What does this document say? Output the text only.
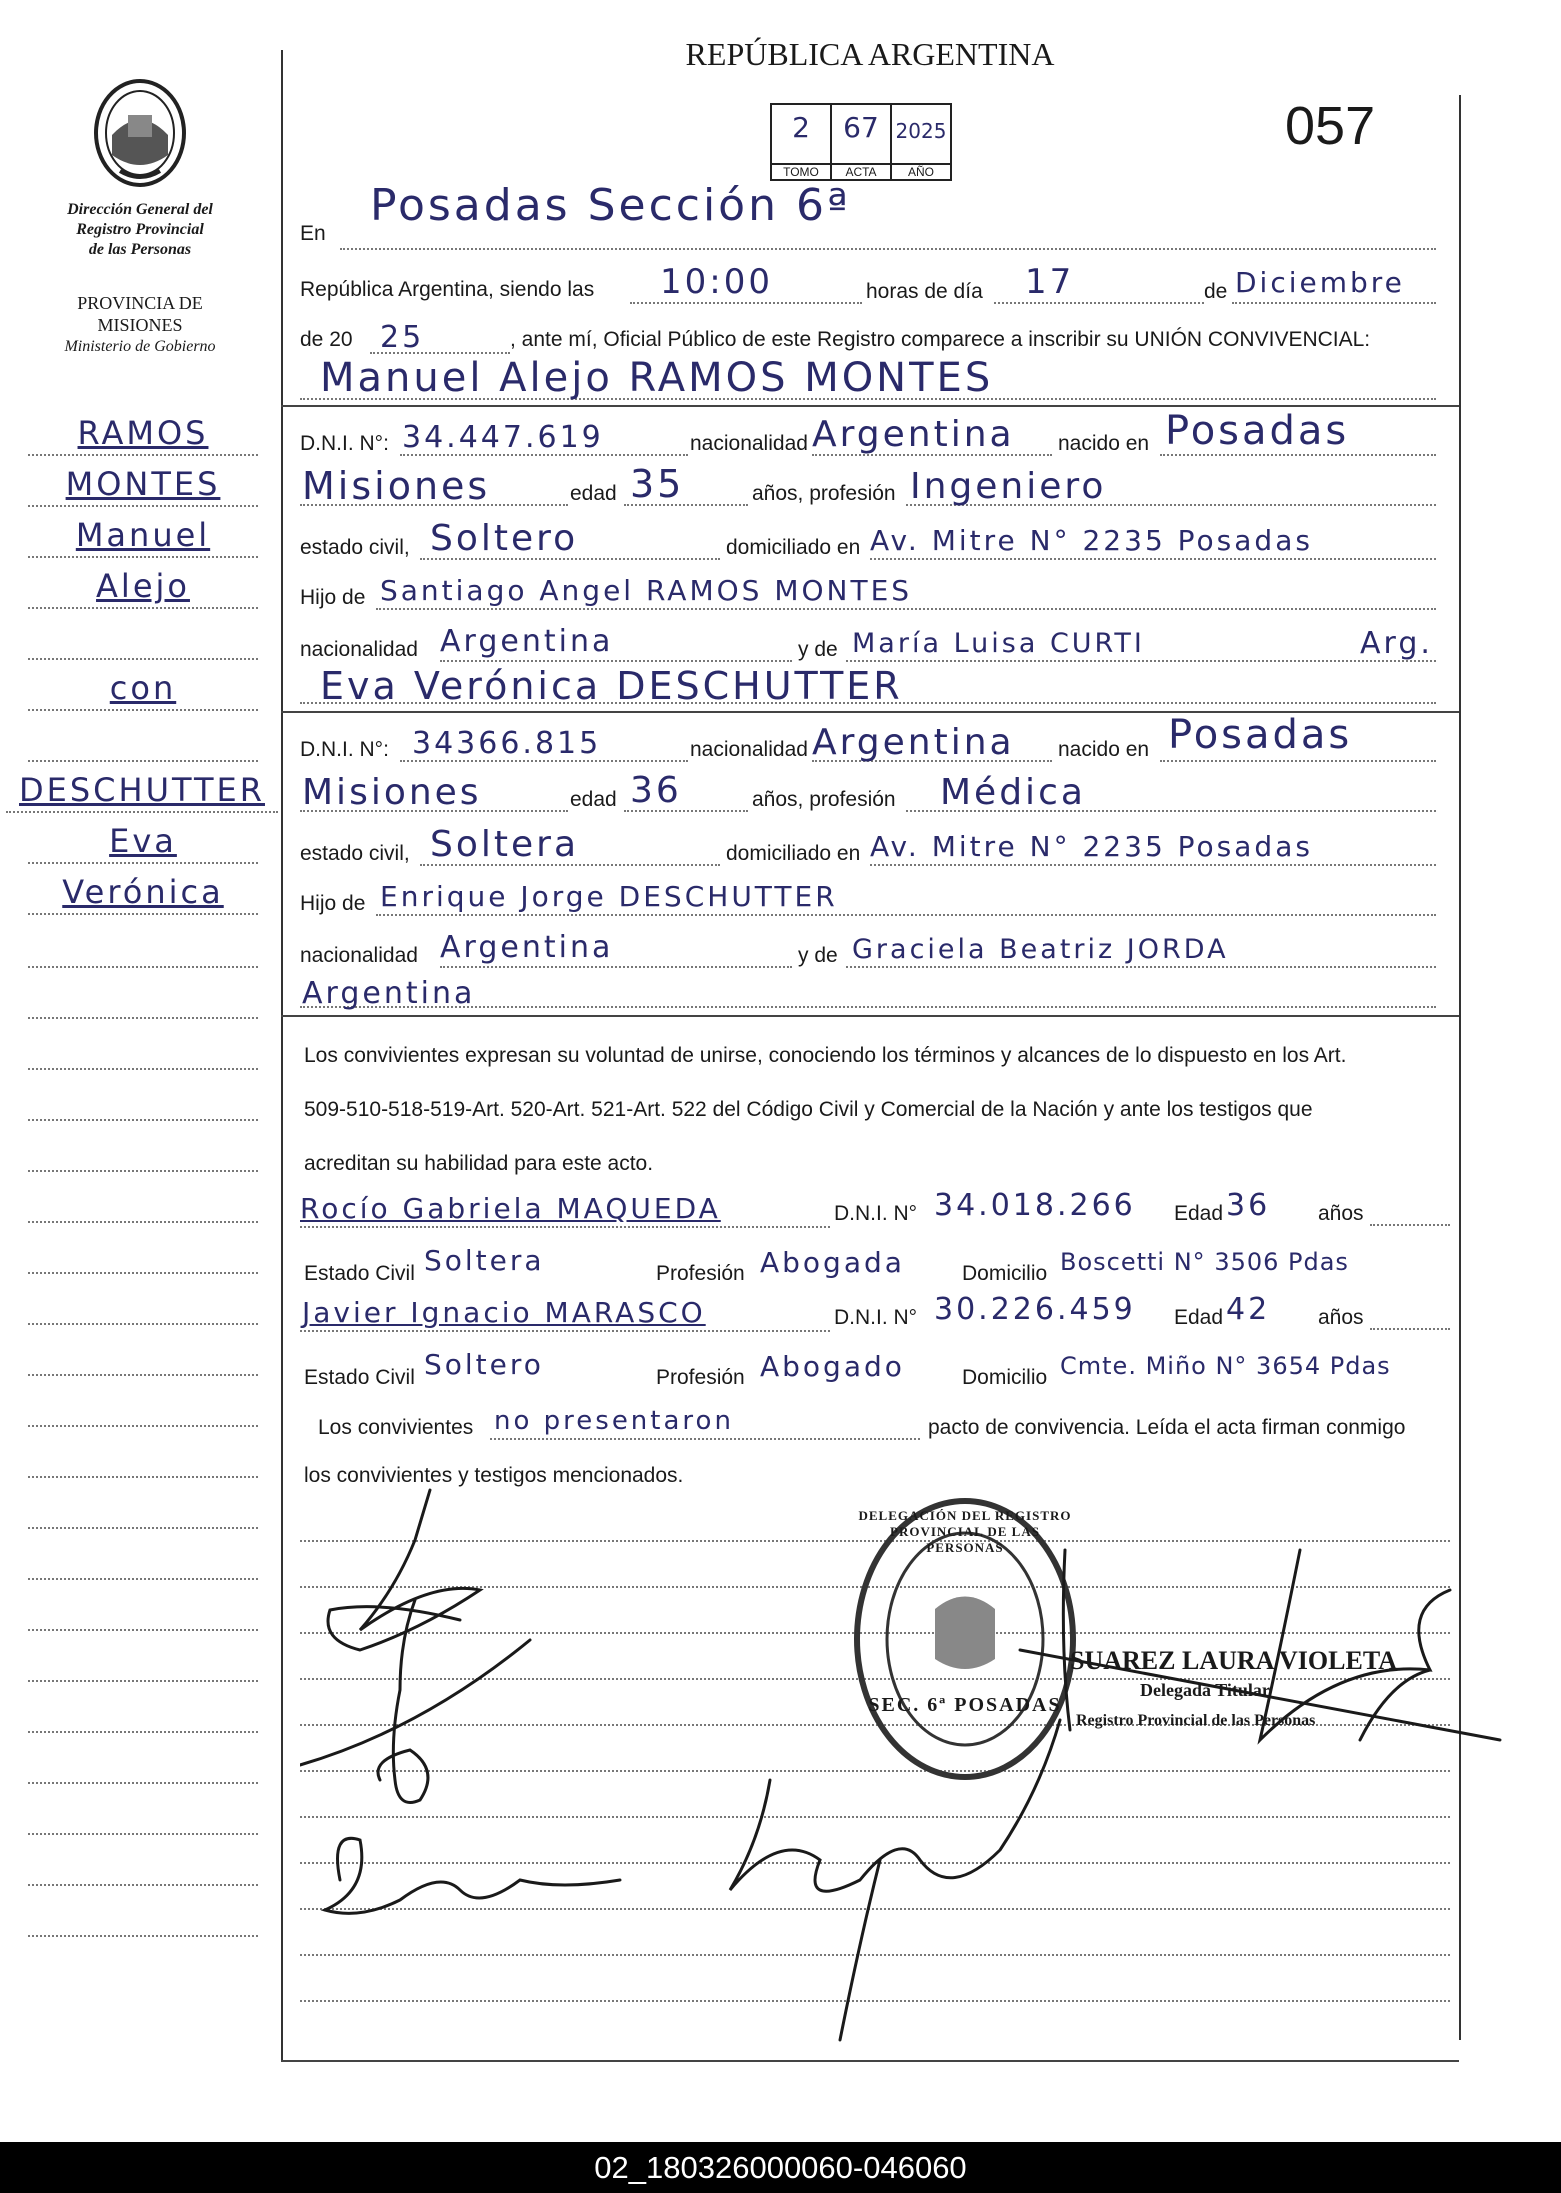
REPÚBLICA ARGENTINA
057
2
TOMO
67
ACTA
2025
AÑO
Dirección General del
Registro Provincial
de las Personas
PROVINCIA DE
MISIONES
Ministerio de Gobierno
RAMOS
MONTES
Manuel
Alejo
con
DESCHUTTER
Eva
Verónica
En
Posadas Sección 6ª
República Argentina, siendo las 10:00	horas de día 17	de Diciembre
de 20 25	, ante mí, Oficial Público de este Registro comparece a inscribir su UNIÓN CONVIVENCIAL:
Manuel Alejo RAMOS MONTES
D.N.I. N°: 34.447.619	nacionalidad Argentina nacido en Posadas
Misiones	edad 35	años, profesión Ingeniero
estado civil, Soltero	domiciliado en Av. Mitre N° 2235 Posadas
Hijo de Santiago Angel RAMOS MONTES
nacionalidad Argentina	y de María Luisa CURTI	Arg.
Eva Verónica DESCHUTTER
D.N.I. N°: 34366.815	nacionalidad Argentina nacido en Posadas
Misiones	edad 36	años, profesión Médica
estado civil, Soltera	domiciliado en Av. Mitre N° 2235 Posadas
Hijo de Enrique Jorge DESCHUTTER
nacionalidad Argentina	y de Graciela Beatriz JORDA
Argentina
Los convivientes expresan su voluntad de unirse, conociendo los términos y alcances de lo dispuesto en los Art.
509-510-518-519-Art. 520-Art. 521-Art. 522 del Código Civil y Comercial de la Nación y ante los testigos que
acreditan su habilidad para este acto.
Rocío Gabriela MAQUEDA	D.N.I. N° 34.018.266 Edad 36 años
Estado Civil Soltera	Profesión Abogada	Domicilio Boscetti N° 3506 Pdas
Javier Ignacio MARASCO	D.N.I. N° 30.226.459 Edad 42 años
Estado Civil Soltero	Profesión Abogado	Domicilio Cmte. Miño N° 3654 Pdas
Los convivientes no presentaron	pacto de convivencia. Leída el acta firman conmigo
los convivientes y testigos mencionados.
DELEGACIÓN DEL REGISTRO PROVINCIAL DE LAS PERSONAS
SEC. 6ª POSADAS
SUAREZ LAURA VIOLETA
Delegada Titular
Registro Provincial de las Personas
02_180326000060-046060
